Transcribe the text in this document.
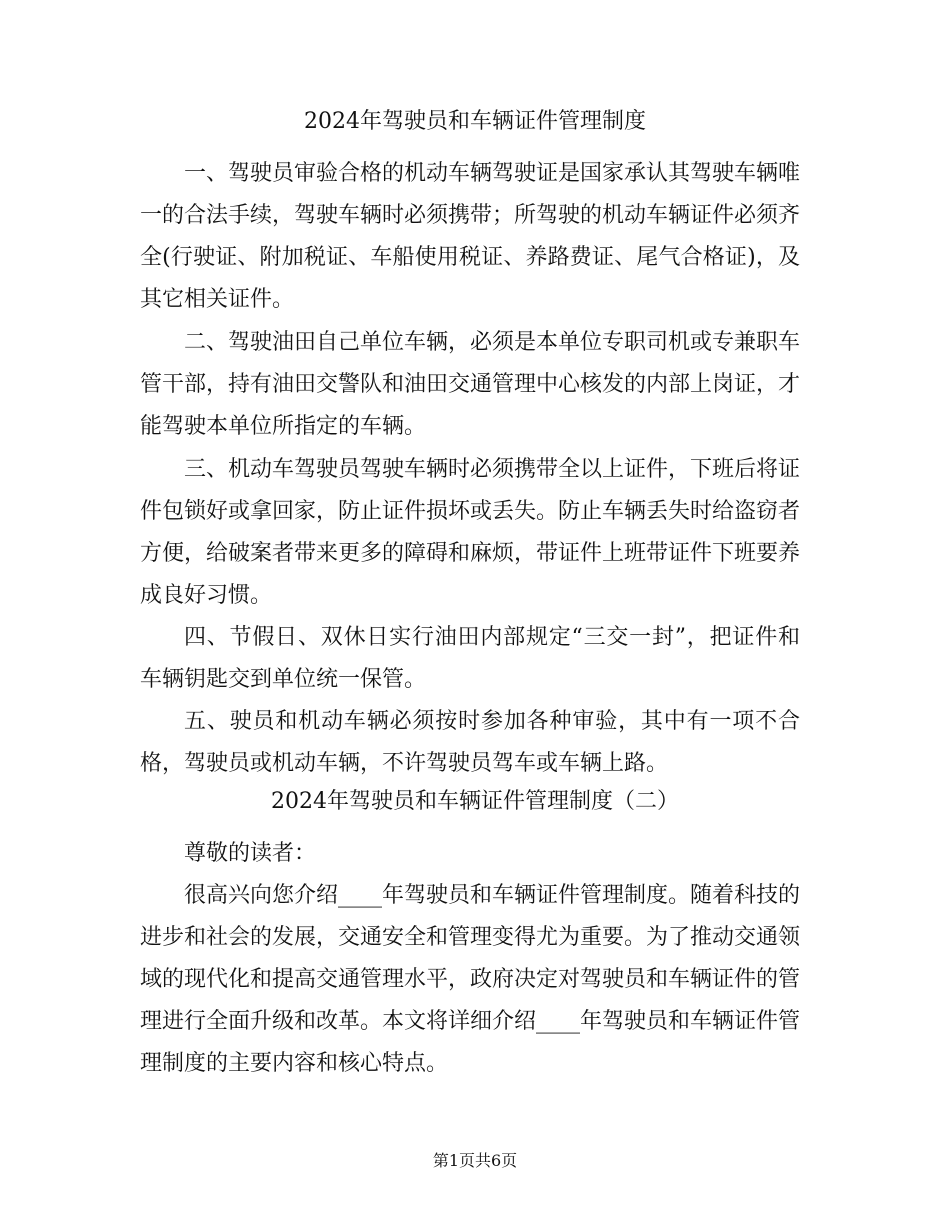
2024年驾驶员和车辆证件管理制度

一、驾驶员审验合格的机动车辆驾驶证是国家承认其驾驶车辆唯一的合法手续，驾驶车辆时必须携带；所驾驶的机动车辆证件必须齐全(行驶证、附加税证、车船使用税证、养路费证、尾气合格证)，及其它相关证件。

二、驾驶油田自己单位车辆，必须是本单位专职司机或专兼职车管干部，持有油田交警队和油田交通管理中心核发的内部上岗证，才能驾驶本单位所指定的车辆。

三、机动车驾驶员驾驶车辆时必须携带全以上证件，下班后将证件包锁好或拿回家，防止证件损坏或丢失。防止车辆丢失时给盗窃者方便，给破案者带来更多的障碍和麻烦，带证件上班带证件下班要养成良好习惯。

四、节假日、双休日实行油田内部规定“三交一封”，把证件和车辆钥匙交到单位统一保管。

五、驶员和机动车辆必须按时参加各种审验，其中有一项不合格，驾驶员或机动车辆，不许驾驶员驾车或车辆上路。

2024年驾驶员和车辆证件管理制度（二）

尊敬的读者：

很高兴向您介绍____年驾驶员和车辆证件管理制度。随着科技的进步和社会的发展，交通安全和管理变得尤为重要。为了推动交通领域的现代化和提高交通管理水平，政府决定对驾驶员和车辆证件的管理进行全面升级和改革。本文将详细介绍____年驾驶员和车辆证件管理制度的主要内容和核心特点。

第1页共6页
